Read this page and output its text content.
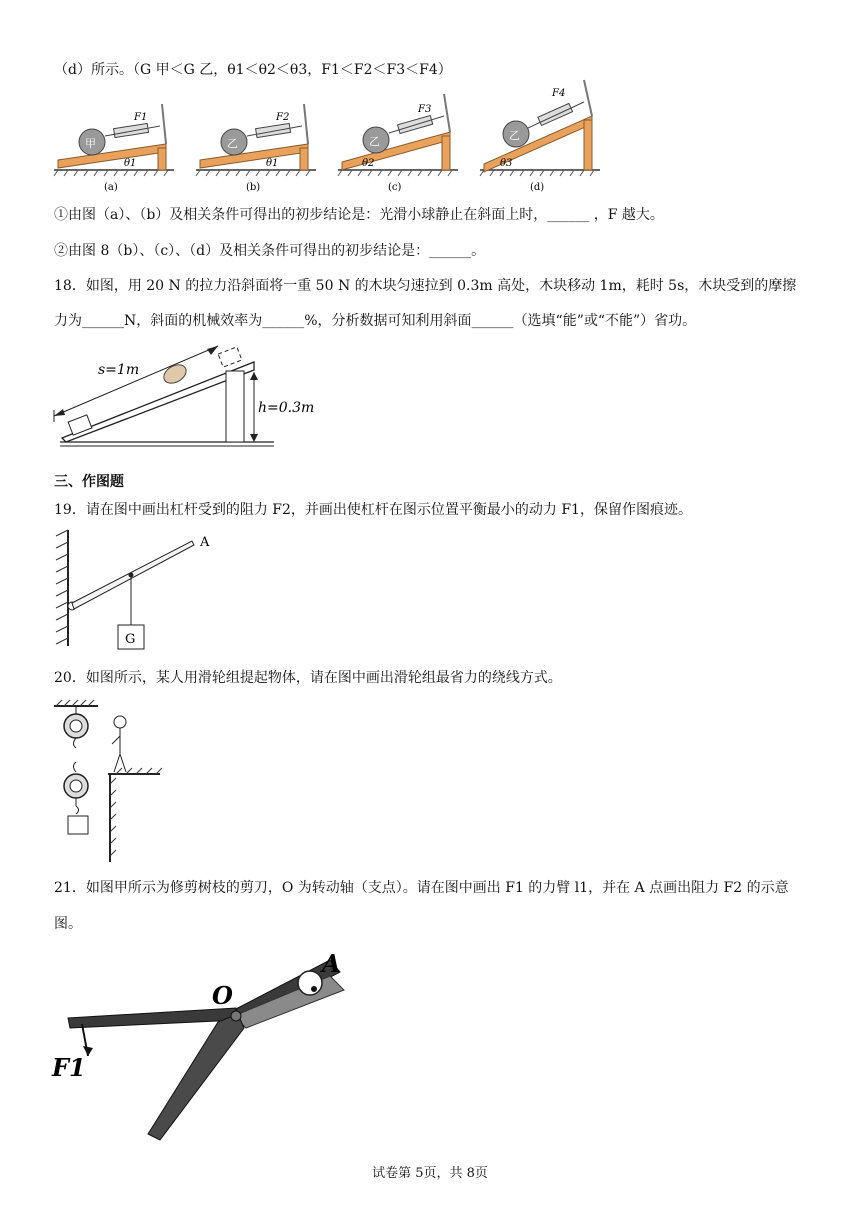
（d）所示。（G 甲＜G 乙，θ1＜θ2＜θ3，F1＜F2＜F3＜F4）
甲
F1
θ1
(a)
乙
F2
θ1
(b)
乙
F3
θ2
(c)
乙
F4
θ3
(d)
①由图（a）、（b）及相关条件可得出的初步结论是：光滑小球静止在斜面上时，______ ，F 越大。
②由图 8（b）、（c）、（d）及相关条件可得出的初步结论是：______。
18．如图，用 20 N 的拉力沿斜面将一重 50 N 的木块匀速拉到 0.3m 高处，木块移动 1m，耗时 5s，木块受到的摩擦
力为______N，斜面的机械效率为______%，分析数据可知利用斜面______（选填“能”或“不能”）省功。
s=1m
h=0.3m
三、作图题
19．请在图中画出杠杆受到的阻力 F2，并画出使杠杆在图示位置平衡最小的动力 F1，保留作图痕迹。
G
A
20．如图所示，某人用滑轮组提起物体，请在图中画出滑轮组最省力的绕线方式。
21．如图甲所示为修剪树枝的剪刀，O 为转动轴（支点）。请在图中画出 F1 的力臂 l1，并在 A 点画出阻力 F2 的示意
图。
O
A
F1
试卷第 5页，共 8页
